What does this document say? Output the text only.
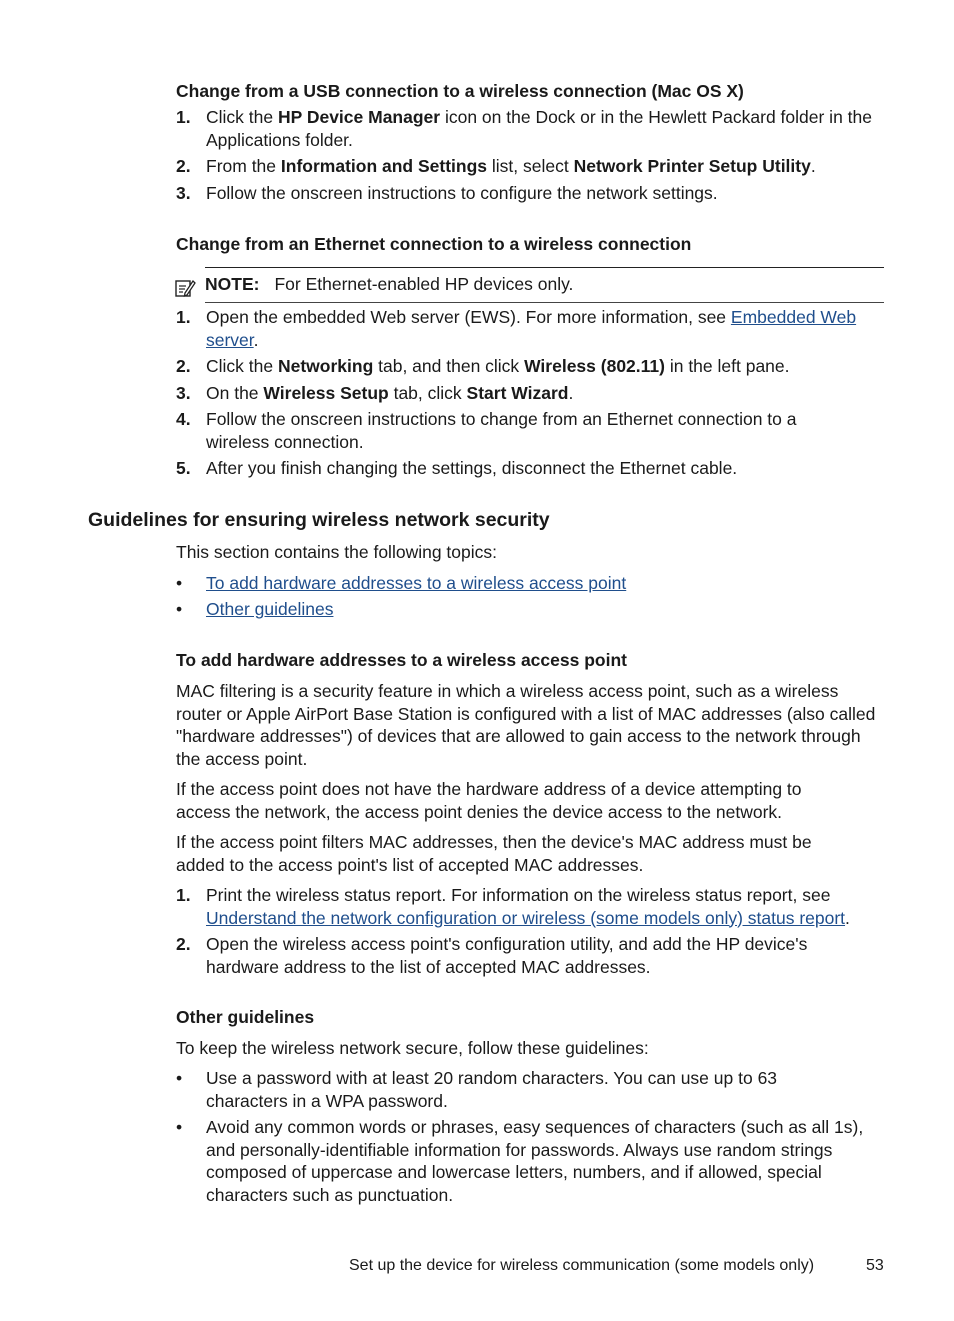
Change from a USB connection to a wireless connection (Mac OS X)
1. Click the HP Device Manager icon on the Dock or in the Hewlett Packard folder in the Applications folder.
2. From the Information and Settings list, select Network Printer Setup Utility.
3. Follow the onscreen instructions to configure the network settings.
Change from an Ethernet connection to a wireless connection
NOTE: For Ethernet-enabled HP devices only.
1. Open the embedded Web server (EWS). For more information, see Embedded Web server.
2. Click the Networking tab, and then click Wireless (802.11) in the left pane.
3. On the Wireless Setup tab, click Start Wizard.
4. Follow the onscreen instructions to change from an Ethernet connection to a wireless connection.
5. After you finish changing the settings, disconnect the Ethernet cable.
Guidelines for ensuring wireless network security
This section contains the following topics:
• To add hardware addresses to a wireless access point
• Other guidelines
To add hardware addresses to a wireless access point
MAC filtering is a security feature in which a wireless access point, such as a wireless router or Apple AirPort Base Station is configured with a list of MAC addresses (also called "hardware addresses") of devices that are allowed to gain access to the network through the access point.
If the access point does not have the hardware address of a device attempting to access the network, the access point denies the device access to the network.
If the access point filters MAC addresses, then the device's MAC address must be added to the access point's list of accepted MAC addresses.
1. Print the wireless status report. For information on the wireless status report, see Understand the network configuration or wireless (some models only) status report.
2. Open the wireless access point's configuration utility, and add the HP device's hardware address to the list of accepted MAC addresses.
Other guidelines
To keep the wireless network secure, follow these guidelines:
• Use a password with at least 20 random characters. You can use up to 63 characters in a WPA password.
• Avoid any common words or phrases, easy sequences of characters (such as all 1s), and personally-identifiable information for passwords. Always use random strings composed of uppercase and lowercase letters, numbers, and if allowed, special characters such as punctuation.
Set up the device for wireless communication (some models only)	53
